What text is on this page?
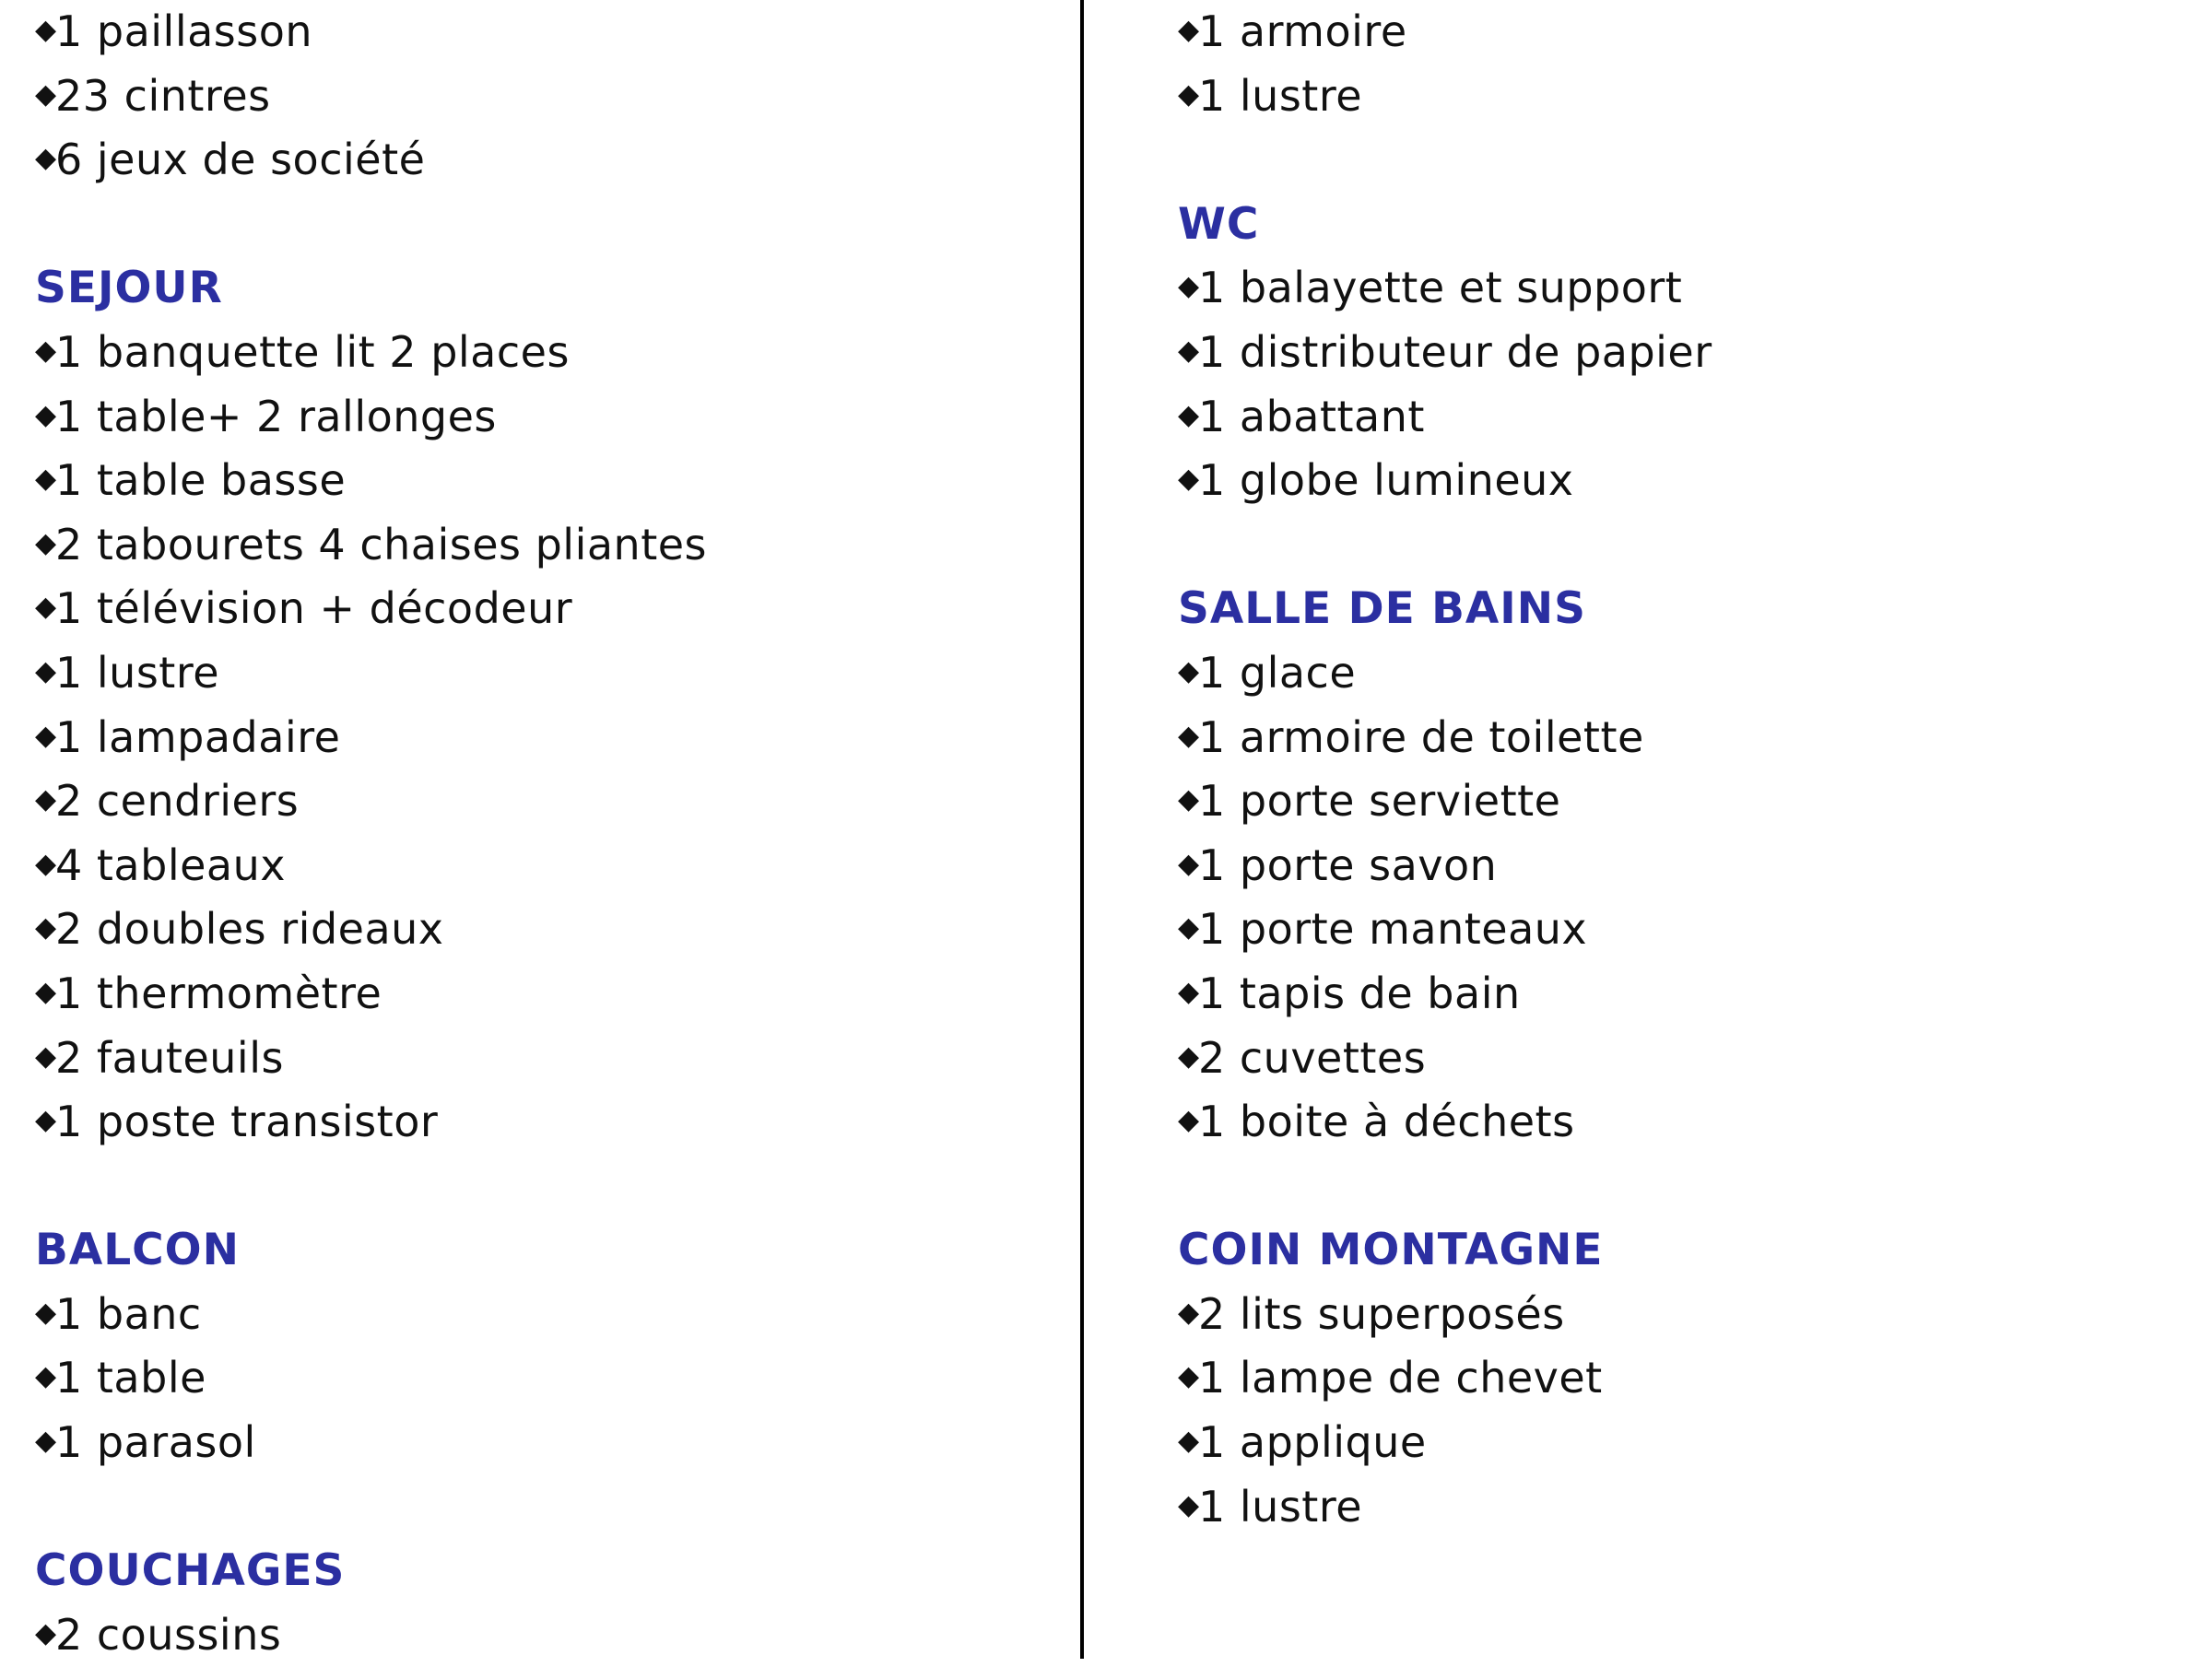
◆1 paillasson
◆23 cintres
◆6 jeux de société
SEJOUR
◆1 banquette lit 2 places
◆1 table+ 2 rallonges
◆1 table basse
◆2 tabourets 4 chaises pliantes
◆1 télévision + décodeur
◆1 lustre
◆1 lampadaire
◆2 cendriers
◆4 tableaux
◆2 doubles rideaux
◆1 thermomètre
◆2 fauteuils
◆1 poste transistor
BALCON
◆1 banc
◆1 table
◆1 parasol
COUCHAGES
◆2 coussins
◆1 armoire
◆1 lustre
WC
◆1 balayette et support
◆1 distributeur de papier
◆1 abattant
◆1 globe lumineux
SALLE DE BAINS
◆1 glace
◆1 armoire de toilette
◆1 porte serviette
◆1 porte savon
◆1 porte manteaux
◆1 tapis de bain
◆2 cuvettes
◆1 boite à déchets
COIN MONTAGNE
◆2 lits superposés
◆1 lampe de chevet
◆1 applique
◆1 lustre
